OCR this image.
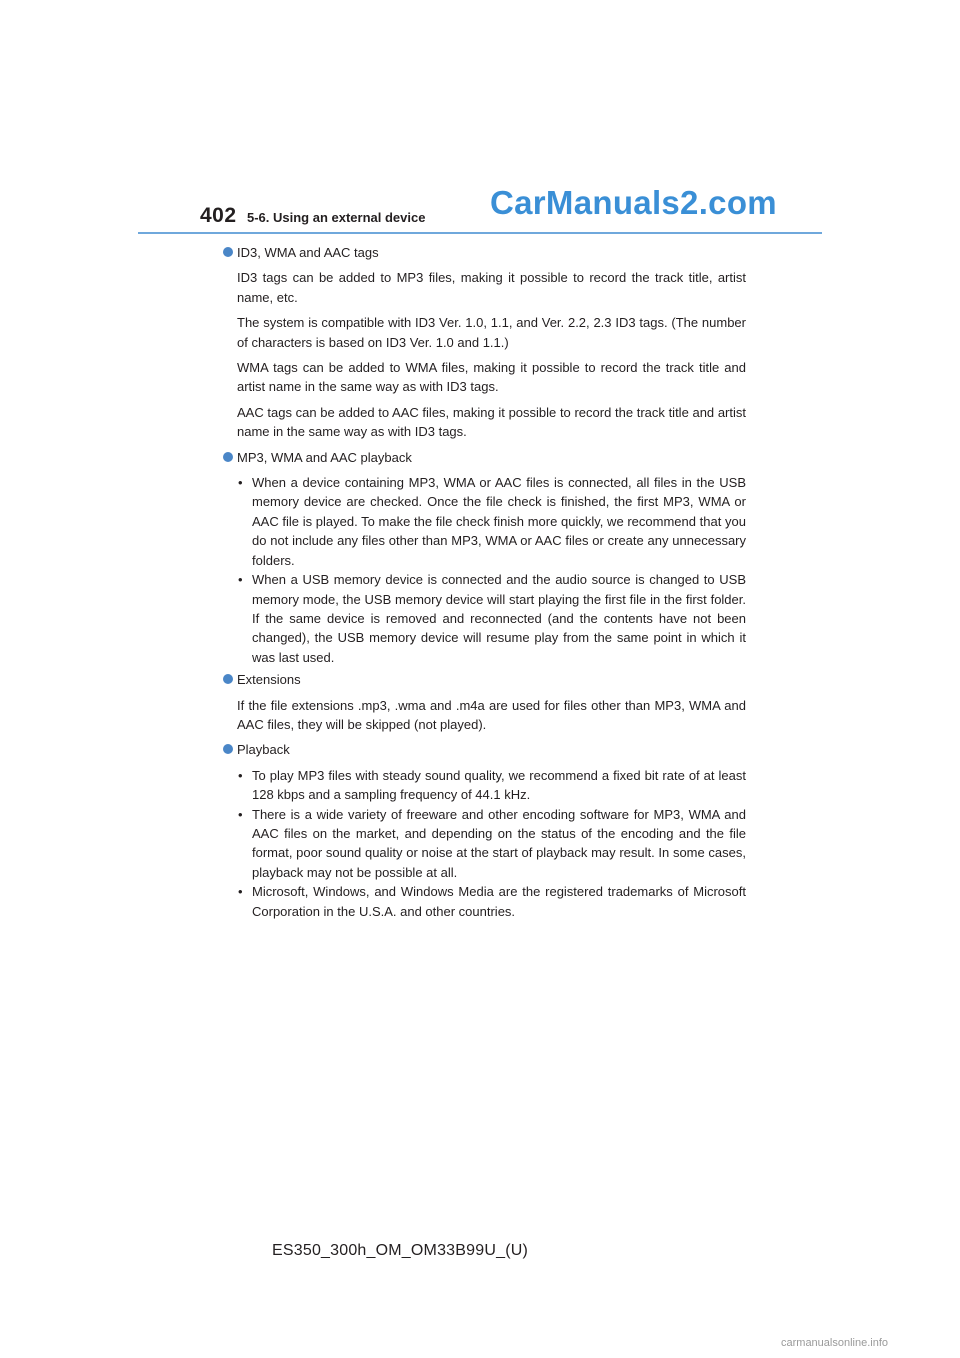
402 5-6. Using an external device CarManuals2.com
ID3, WMA and AAC tags

ID3 tags can be added to MP3 files, making it possible to record the track title, artist name, etc.

The system is compatible with ID3 Ver. 1.0, 1.1, and Ver. 2.2, 2.3 ID3 tags. (The number of characters is based on ID3 Ver. 1.0 and 1.1.)

WMA tags can be added to WMA files, making it possible to record the track title and artist name in the same way as with ID3 tags.

AAC tags can be added to AAC files, making it possible to record the track title and artist name in the same way as with ID3 tags.

MP3, WMA and AAC playback
• When a device containing MP3, WMA or AAC files is connected, all files in the USB memory device are checked. Once the file check is finished, the first MP3, WMA or AAC file is played. To make the file check finish more quickly, we recommend that you do not include any files other than MP3, WMA or AAC files or create any unnecessary folders.
• When a USB memory device is connected and the audio source is changed to USB memory mode, the USB memory device will start playing the first file in the first folder. If the same device is removed and reconnected (and the contents have not been changed), the USB memory device will resume play from the same point in which it was last used.
Extensions

If the file extensions .mp3, .wma and .m4a are used for files other than MP3, WMA and AAC files, they will be skipped (not played).

Playback
• To play MP3 files with steady sound quality, we recommend a fixed bit rate of at least 128 kbps and a sampling frequency of 44.1 kHz.
• There is a wide variety of freeware and other encoding software for MP3, WMA and AAC files on the market, and depending on the status of the encoding and the file format, poor sound quality or noise at the start of playback may result. In some cases, playback may not be possible at all.
• Microsoft, Windows, and Windows Media are the registered trademarks of Microsoft Corporation in the U.S.A. and other countries.
ES350_300h_OM_OM33B99U_(U)
carmanualsonline.info
